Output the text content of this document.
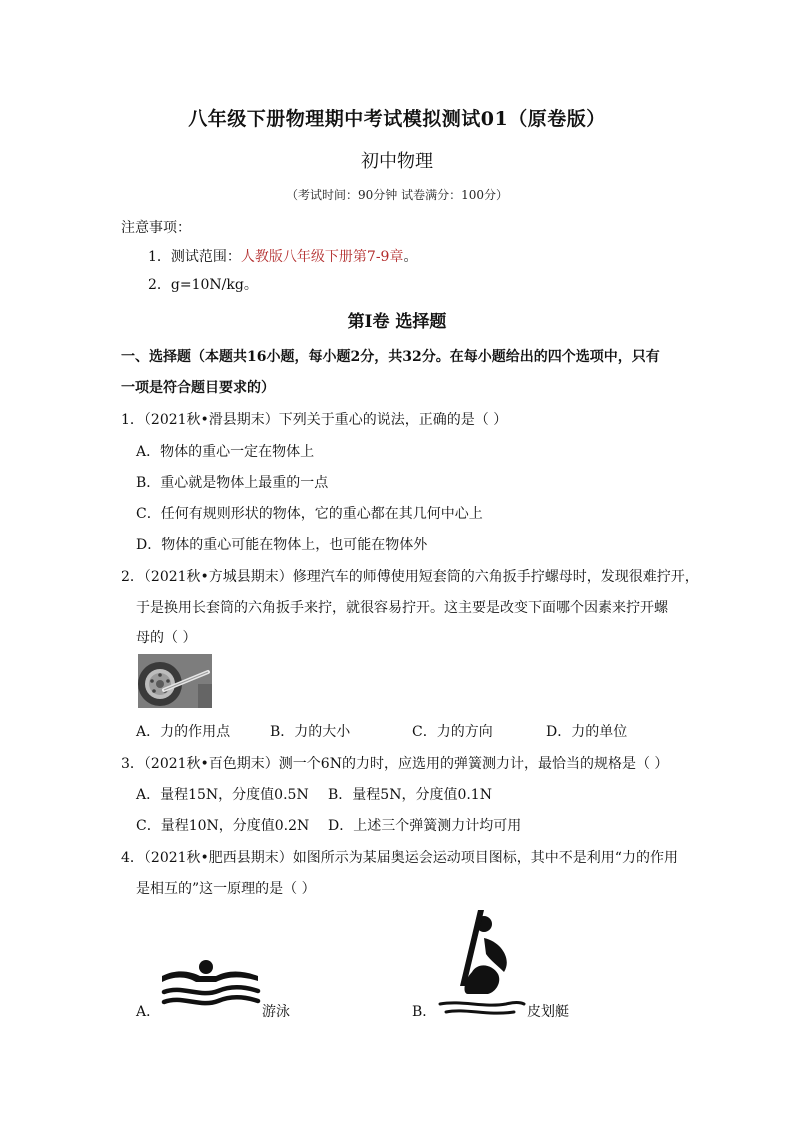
八年级下册物理期中考试模拟测试01（原卷版）
初中物理
（考试时间：90分钟 试卷满分：100分）
注意事项：
1．测试范围：人教版八年级下册第7-9章。
2．g=10N/kg。
第Ⅰ卷 选择题
一、选择题（本题共16小题，每小题2分，共32分。在每小题给出的四个选项中，只有
一项是符合题目要求的）
1．（2021秋•滑县期末）下列关于重心的说法，正确的是（ ）
A．物体的重心一定在物体上
B．重心就是物体上最重的一点
C．任何有规则形状的物体，它的重心都在其几何中心上
D．物体的重心可能在物体上，也可能在物体外
2．（2021秋•方城县期末）修理汽车的师傅使用短套筒的六角扳手拧螺母时，发现很难拧开，
于是换用长套筒的六角扳手来拧，就很容易拧开。这主要是改变下面哪个因素来拧开螺
母的（ ）
A．力的作用点	B．力的大小	C．力的方向	D．力的单位
3．（2021秋•百色期末）测一个6N的力时，应选用的弹簧测力计，最恰当的规格是（ ）
A．量程15N，分度值0.5N B．量程5N，分度值0.1N
C．量程10N，分度值0.2N D．上述三个弹簧测力计均可用
4．（2021秋•肥西县期末）如图所示为某届奥运会运动项目图标，其中不是利用“力的作用
是相互的”这一原理的是（ ）
A．	游泳	B．	皮划艇
